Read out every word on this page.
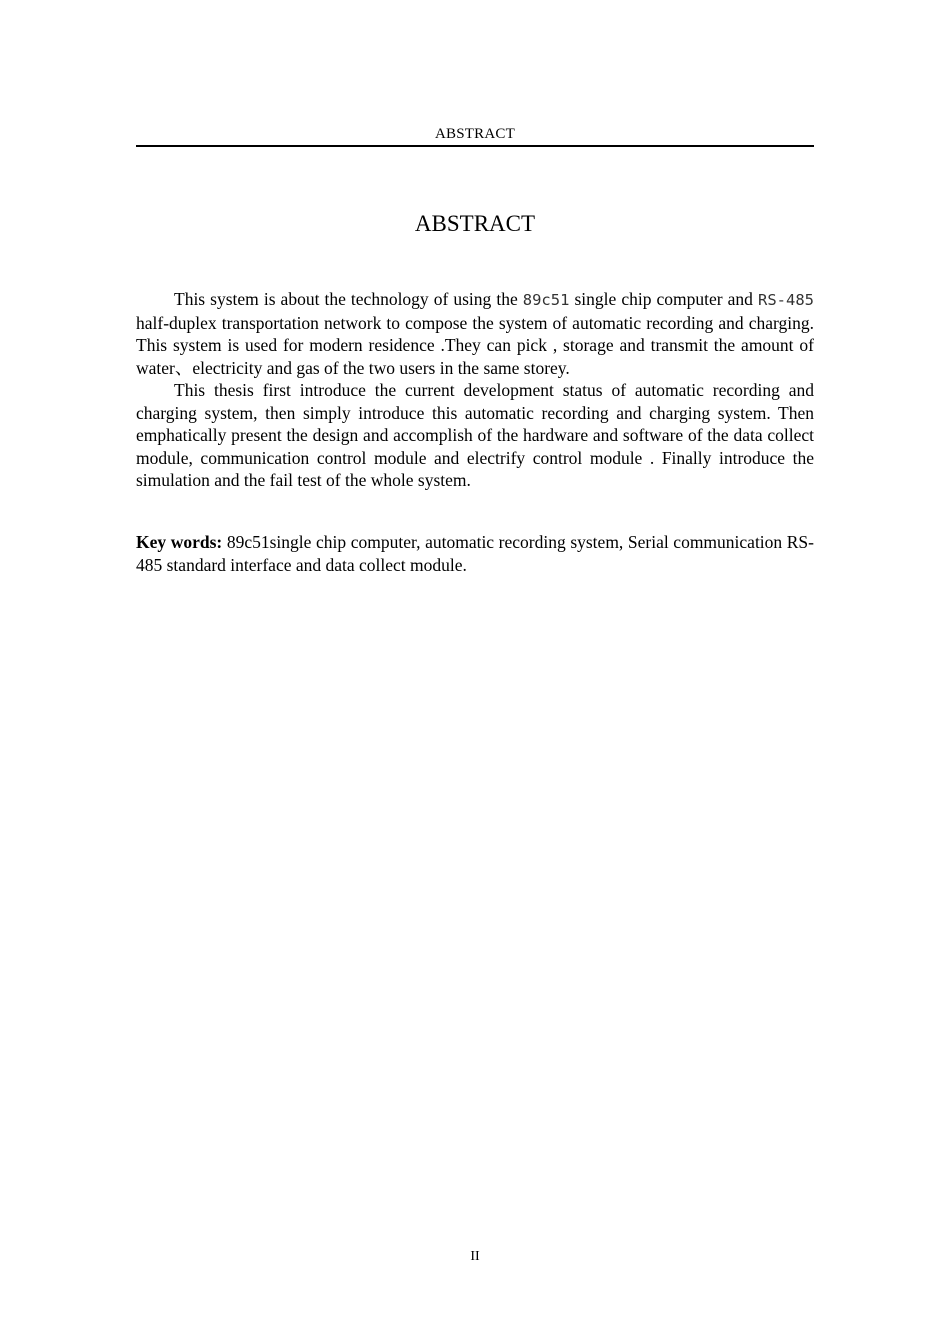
ABSTRACT
ABSTRACT

This system is about the technology of using the 89c51 single chip computer and RS-485 half-duplex transportation network to compose the system of automatic recording and charging. This system is used for modern residence .They can pick , storage and transmit the amount of water、electricity and gas of the two users in the same storey.

This thesis first introduce the current development status of automatic recording and charging system, then simply introduce this automatic recording and charging system. Then emphatically present the design and accomplish of the hardware and software of the data collect module, communication control module and electrify control module . Finally introduce the simulation and the fail test of the whole system.

Key words: 89c51single chip computer, automatic recording system, Serial communication RS-485 standard interface and data collect module.

II
